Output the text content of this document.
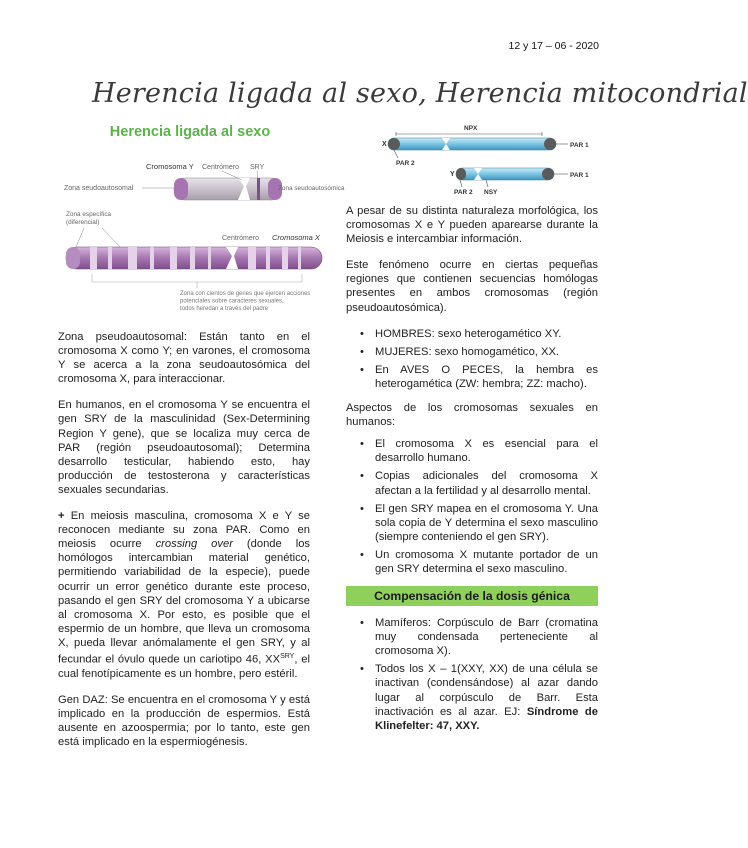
12 y 17 – 06 - 2020
Herencia ligada al sexo, Herencia mitocondrial
Herencia ligada al sexo
Cromosoma Y Centrómero SRY
Zona seudoautosomal	Zona seudoautosómica
Zona específica (diferencial)
Centrómero Cromosoma X
Zona con cientos de genes que ejercen acciones potenciales sobre caracteres sexuales, todos heredan a través del padre

Zona pseudoautosomal: Están tanto en el cromosoma X como Y; en varones, el cromosoma Y se acerca a la zona seudoautosómica del cromosoma X, para interaccionar.

En humanos, en el cromosoma Y se encuentra el gen SRY de la masculinidad (Sex-Determining Region Y gene), que se localiza muy cerca de PAR (región pseudoautosomal); Determina desarrollo testicular, habiendo esto, hay producción de testosterona y características sexuales secundarias.

+ En meiosis masculina, cromosoma X e Y se reconocen mediante su zona PAR. Como en meiosis ocurre crossing over (donde los homólogos intercambian material genético, permitiendo variabilidad de la especie), puede ocurrir un error genético durante este proceso, pasando el gen SRY del cromosoma Y a ubicarse al cromosoma X. Por esto, es posible que el espermio de un hombre, que lleva un cromosoma X, pueda llevar anómalamente el gen SRY, y al fecundar el óvulo quede un cariotipo 46, $XX^{SRY}$, el cual fenotípicamente es un hombre, pero estéril.

Gen DAZ: Se encuentra en el cromosoma Y y está implicado en la producción de espermios. Está ausente en azoospermia; por lo tanto, este gen está implicado en la espermiogénesis.

NPX
X	PAR 1
PAR 2
Y	PAR 1
PAR 2 NSY

A pesar de su distinta naturaleza morfológica, los cromosomas X e Y pueden aparearse durante la Meiosis e intercambiar información.

Este fenómeno ocurre en ciertas pequeñas regiones que contienen secuencias homólogas presentes en ambos cromosomas (región pseudoautosómica).

• HOMBRES: sexo heterogamético XY.
• MUJERES: sexo homogamético, XX.
• En AVES O PECES, la hembra es heterogamética (ZW: hembra; ZZ: macho).

Aspectos de los cromosomas sexuales en humanos:

• El cromosoma X es esencial para el desarrollo humano.
• Copias adicionales del cromosoma X afectan a la fertilidad y al desarrollo mental.
• El gen SRY mapea en el cromosoma Y. Una sola copia de Y determina el sexo masculino (siempre conteniendo el gen SRY).
• Un cromosoma X mutante portador de un gen SRY determina el sexo masculino.
Compensación de la dosis génica
• Mamíferos: Corpúsculo de Barr (cromatina muy condensada perteneciente al cromosoma X).
• Todos los X – 1(XXY, XX) de una célula se inactivan (condensándose) al azar dando lugar al corpúsculo de Barr. Esta inactivación es al azar. EJ: Síndrome de Klinefelter: 47, XXY.
